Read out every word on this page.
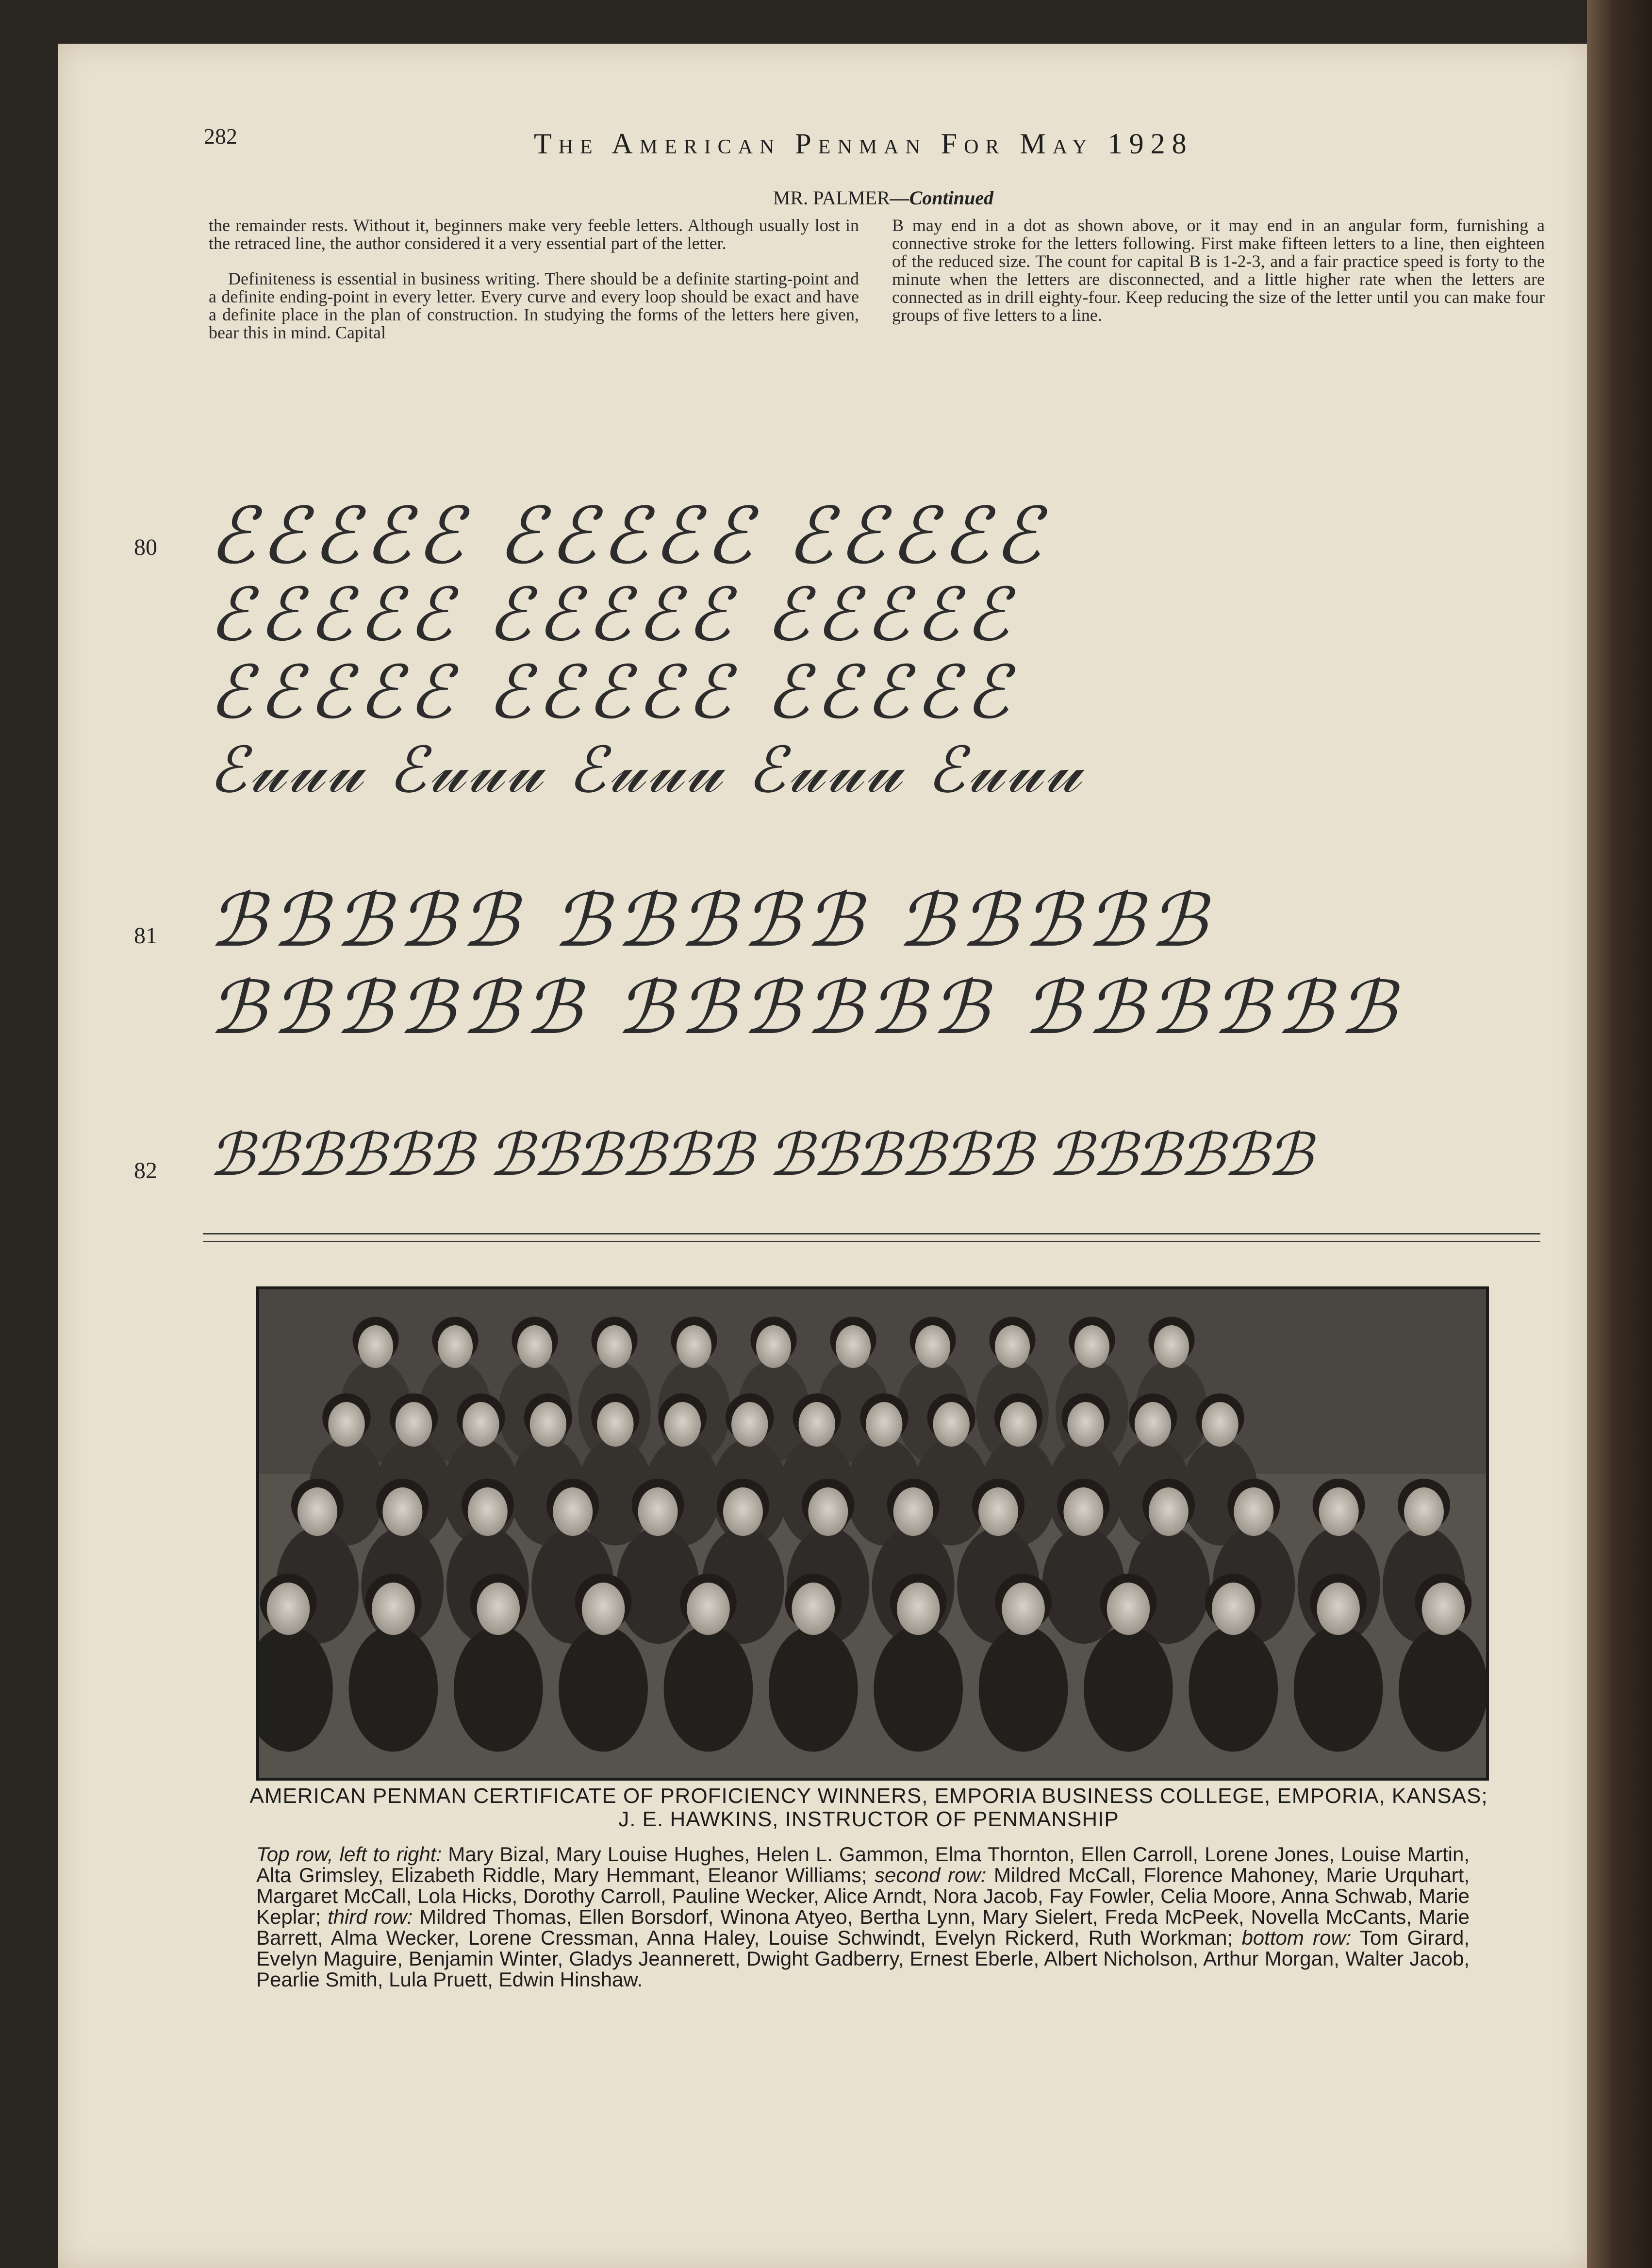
282	The American Penman For May 1928
MR. PALMER—Continued

the remainder rests. Without it, beginners make very feeble letters. Although usually lost in the retraced line, the author considered it a very essential part of the letter.

Definiteness is essential in business writing. There should be a definite starting-point and a definite ending-point in every letter. Every curve and every loop should be exact and have a definite place in the plan of construction. In studying the forms of the letters here given, bear this in mind. Capital

B may end in a dot as shown above, or it may end in an angular form, furnishing a connective stroke for the letters following. First make fifteen letters to a line, then eighteen of the reduced size. The count for capital B is 1-2-3, and a fair practice speed is forty to the minute when the letters are disconnected, and a little higher rate when the letters are connected as in drill eighty-four. Keep reducing the size of the letter until you can make four groups of five letters to a line.

80 ℰℰℰℰℰ ℰℰℰℰℰ ℰℰℰℰℰ
ℰℰℰℰℰ ℰℰℰℰℰ ℰℰℰℰℰ
ℰℰℰℰℰ ℰℰℰℰℰ ℰℰℰℰℰ
ℰ𝓊𝓊𝓊 ℰ𝓊𝓊𝓊 ℰ𝓊𝓊𝓊 ℰ𝓊𝓊𝓊 ℰ𝓊𝓊𝓊
81 ℬℬℬℬℬ ℬℬℬℬℬ ℬℬℬℬℬ
ℬℬℬℬℬℬ ℬℬℬℬℬℬ ℬℬℬℬℬℬ
82 ℬℬℬℬℬℬ ℬℬℬℬℬℬ ℬℬℬℬℬℬ ℬℬℬℬℬℬ
AMERICAN PENMAN CERTIFICATE OF PROFICIENCY WINNERS, EMPORIA BUSINESS COLLEGE, EMPORIA, KANSAS; J. E. HAWKINS, INSTRUCTOR OF PENMANSHIP
Top row, left to right: Mary Bizal, Mary Louise Hughes, Helen L. Gammon, Elma Thornton, Ellen Carroll, Lorene Jones, Louise Martin, Alta Grimsley, Elizabeth Riddle, Mary Hemmant, Eleanor Williams; second row: Mildred McCall, Florence Mahoney, Marie Urquhart, Margaret McCall, Lola Hicks, Dorothy Carroll, Pauline Wecker, Alice Arndt, Nora Jacob, Fay Fowler, Celia Moore, Anna Schwab, Marie Keplar; third row: Mildred Thomas, Ellen Borsdorf, Winona Atyeo, Bertha Lynn, Mary Sielert, Freda McPeek, Novella McCants, Marie Barrett, Alma Wecker, Lorene Cressman, Anna Haley, Louise Schwindt, Evelyn Rickerd, Ruth Workman; bottom row: Tom Girard, Evelyn Maguire, Benjamin Winter, Gladys Jeannerett, Dwight Gadberry, Ernest Eberle, Albert Nicholson, Arthur Morgan, Walter Jacob, Pearlie Smith, Lula Pruett, Edwin Hinshaw.
